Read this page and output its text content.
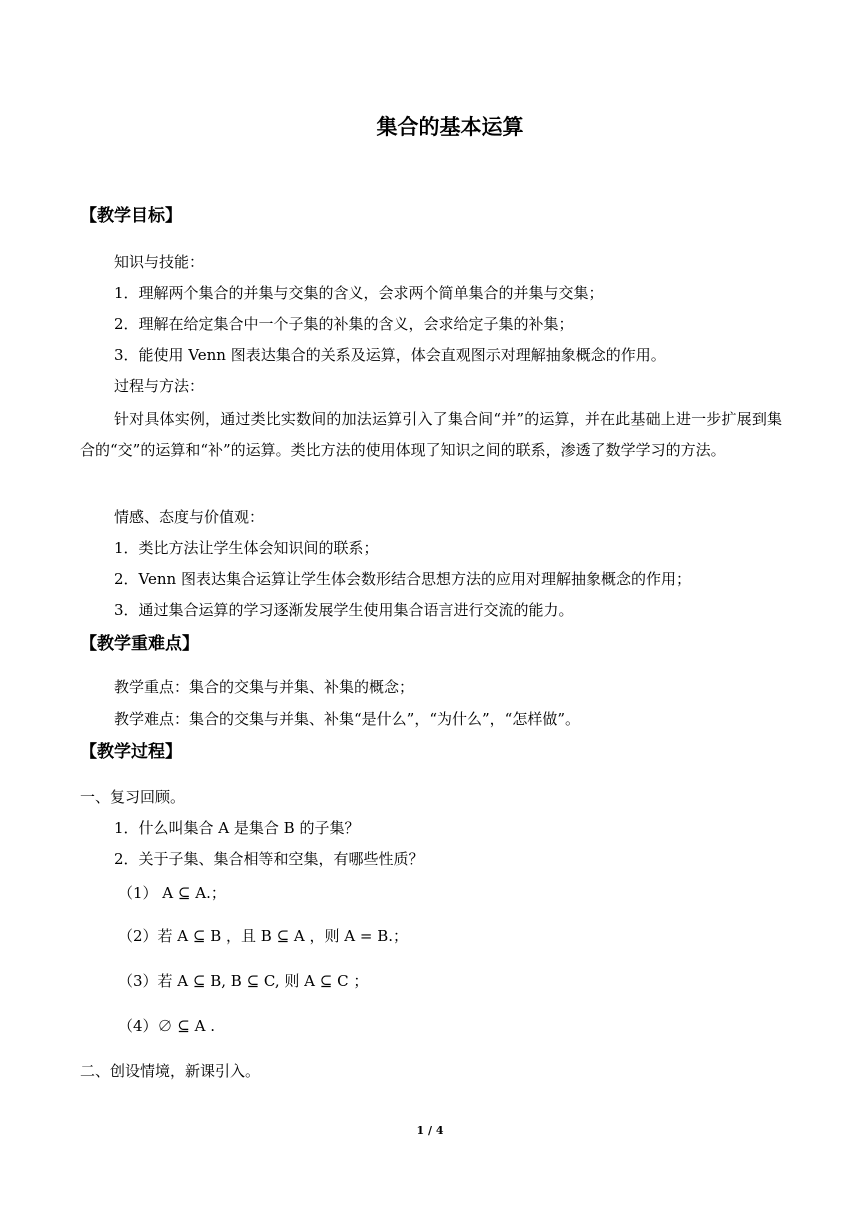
集合的基本运算
【教学目标】
知识与技能：
1．理解两个集合的并集与交集的含义，会求两个简单集合的并集与交集；
2．理解在给定集合中一个子集的补集的含义，会求给定子集的补集；
3．能使用 Venn 图表达集合的关系及运算，体会直观图示对理解抽象概念的作用。
过程与方法：
针对具体实例，通过类比实数间的加法运算引入了集合间“并”的运算，并在此基础上进一步扩展到集合的“交”的运算和“补”的运算。类比方法的使用体现了知识之间的联系，渗透了数学学习的方法。
情感、态度与价值观：
1．类比方法让学生体会知识间的联系；
2．Venn 图表达集合运算让学生体会数形结合思想方法的应用对理解抽象概念的作用；
3．通过集合运算的学习逐渐发展学生使用集合语言进行交流的能力。
【教学重难点】
教学重点：集合的交集与并集、补集的概念；
教学难点：集合的交集与并集、补集“是什么”，“为什么”，“怎样做”。
【教学过程】
一、复习回顾。
1．什么叫集合 A 是集合 B 的子集？
2．关于子集、集合相等和空集，有哪些性质？
（1） A ⊆ A.；
（2）若 A ⊆ B ，且 B ⊆ A ，则 A = B.；
（3）若 A ⊆ B, B ⊆ C, 则 A ⊆ C ；
（4）∅ ⊆ A .
二、创设情境，新课引入。
1 / 4
